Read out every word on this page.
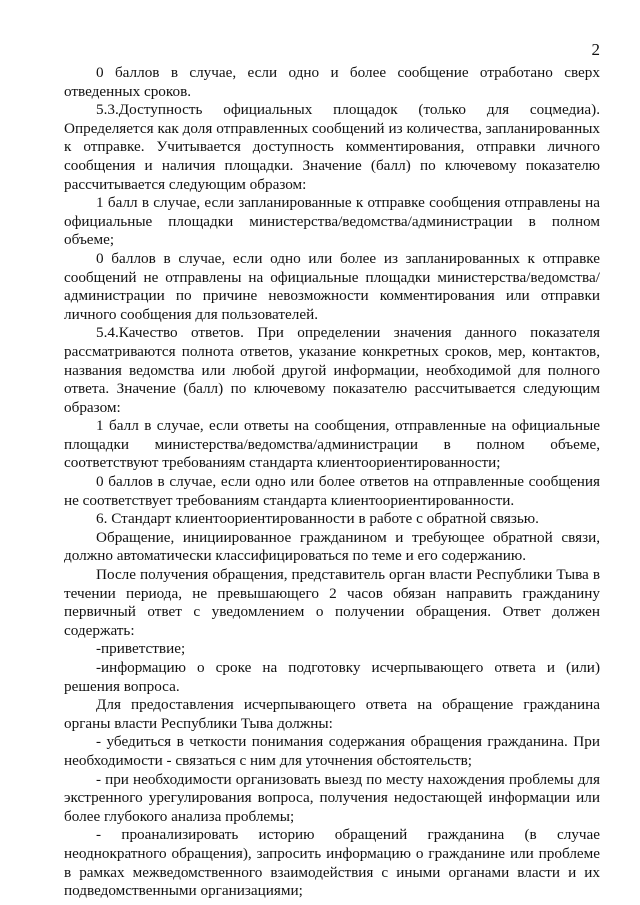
2

0 баллов в случае, если одно и более сообщение отработано сверх отведенных сроков.

5.3.Доступность официальных площадок (только для соцмедиа). Определяется как доля отправленных сообщений из количества, запланированных к отправке. Учитывается доступность комментирования, отправки личного сообщения и наличия площадки. Значение (балл) по ключевому показателю рассчитывается следующим образом:

1 балл в случае, если запланированные к отправке сообщения отправлены на официальные площадки министерства/ведомства/администрации в полном объеме;

0 баллов в случае, если одно или более из запланированных к отправке сообщений не отправлены на официальные площадки министерства/ведомства/администрации по причине невозможности комментирования или отправки личного сообщения для пользователей.

5.4.Качество ответов. При определении значения данного показателя рассматриваются полнота ответов, указание конкретных сроков, мер, контактов, названия ведомства или любой другой информации, необходимой для полного ответа. Значение (балл) по ключевому показателю рассчитывается следующим образом:

1 балл в случае, если ответы на сообщения, отправленные на официальные площадки министерства/ведомства/администрации в полном объеме, соответствуют требованиям стандарта клиентоориентированности;

0 баллов в случае, если одно или более ответов на отправленные сообщения не соответствует требованиям стандарта клиентоориентированности.

6. Стандарт клиентоориентированности в работе с обратной связью.

Обращение, инициированное гражданином и требующее обратной связи, должно автоматически классифицироваться по теме и его содержанию.

После получения обращения, представитель орган власти Республики Тыва в течении периода, не превышающего 2 часов обязан направить гражданину первичный ответ с уведомлением о получении обращения. Ответ должен содержать:

-приветствие;

-информацию о сроке на подготовку исчерпывающего ответа и (или) решения вопроса.

Для предоставления исчерпывающего ответа на обращение гражданина органы власти Республики Тыва должны:

- убедиться в четкости понимания содержания обращения гражданина. При необходимости - связаться с ним для уточнения обстоятельств;

- при необходимости организовать выезд по месту нахождения проблемы для экстренного урегулирования вопроса, получения недостающей информации или более глубокого анализа проблемы;

- проанализировать историю обращений гражданина (в случае неоднократного обращения), запросить информацию о гражданине или проблеме в рамках межведомственного взаимодействия с иными органами власти и их подведомственными организациями;
